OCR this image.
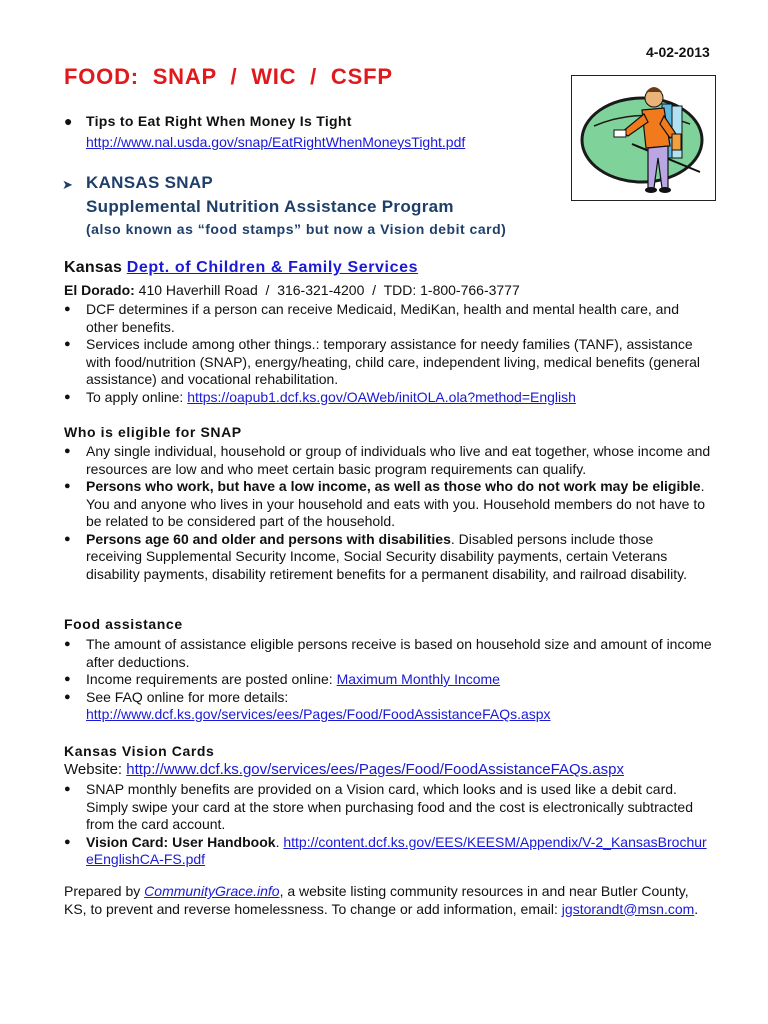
4-02-2013
FOOD:  SNAP  /  WIC  /  CSFP
● Tips to Eat Right When Money Is Tight
http://www.nal.usda.gov/snap/EatRightWhenMoneysTight.pdf
➤ KANSAS SNAP
Supplemental Nutrition Assistance Program
(also known as “food stamps” but now a Vision debit card)
Kansas Dept. of Children & Family Services
El Dorado: 410 Haverhill Road  /  316-321-4200  /  TDD: 1-800-766-3777
● DCF determines if a person can receive Medicaid, MediKan, health and mental health care, and other benefits.
● Services include among other things.: temporary assistance for needy families (TANF), assistance with food/nutrition (SNAP), energy/heating, child care, independent living, medical benefits (general assistance) and vocational rehabilitation.
● To apply online: https://oapub1.dcf.ks.gov/OAWeb/initOLA.ola?method=English
Who is eligible for SNAP
● Any single individual, household or group of individuals who live and eat together, whose income and resources are low and who meet certain basic program requirements can qualify.
● Persons who work, but have a low income, as well as those who do not work may be eligible. You and anyone who lives in your household and eats with you. Household members do not have to be related to be considered part of the household.
● Persons age 60 and older and persons with disabilities. Disabled persons include those receiving Supplemental Security Income, Social Security disability payments, certain Veterans disability payments, disability retirement benefits for a permanent disability, and railroad disability.
Food assistance
● The amount of assistance eligible persons receive is based on household size and amount of income after deductions.
● Income requirements are posted online: Maximum Monthly Income
● See FAQ online for more details:
http://www.dcf.ks.gov/services/ees/Pages/Food/FoodAssistanceFAQs.aspx
Kansas Vision Cards
Website: http://www.dcf.ks.gov/services/ees/Pages/Food/FoodAssistanceFAQs.aspx
● SNAP monthly benefits are provided on a Vision card, which looks and is used like a debit card. Simply swipe your card at the store when purchasing food and the cost is electronically subtracted from the card account.
● Vision Card: User Handbook. http://content.dcf.ks.gov/EES/KEESM/Appendix/V-2_KansasBrochureEnglishCA-FS.pdf
Prepared by CommunityGrace.info, a website listing community resources in and near Butler County, KS, to prevent and reverse homelessness. To change or add information, email: jgstorandt@msn.com.
